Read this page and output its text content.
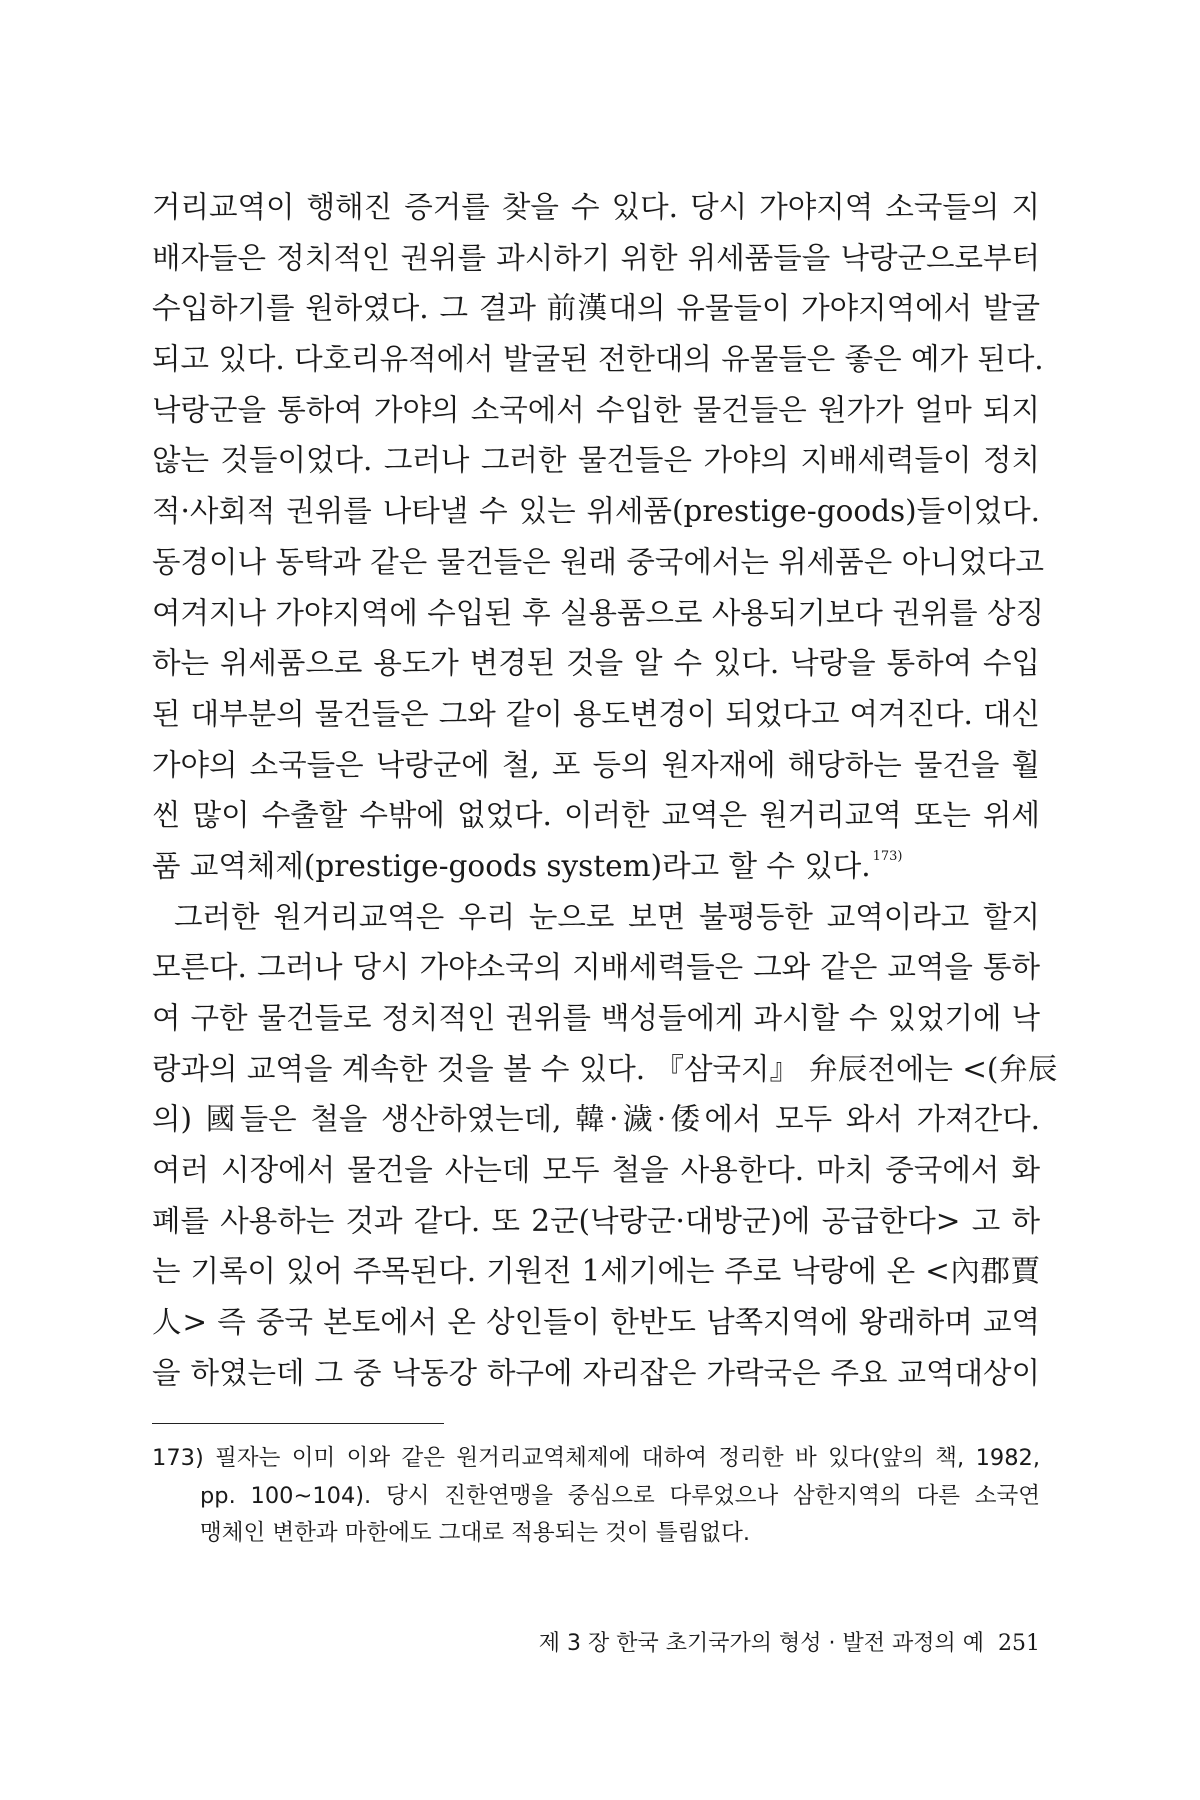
거리교역이 행해진 증거를 찾을 수 있다. 당시 가야지역 소국들의 지
배자들은 정치적인 권위를 과시하기 위한 위세품들을 낙랑군으로부터
수입하기를 원하였다. 그 결과 前漢대의 유물들이 가야지역에서 발굴
되고 있다. 다호리유적에서 발굴된 전한대의 유물들은 좋은 예가 된다.
낙랑군을 통하여 가야의 소국에서 수입한 물건들은 원가가 얼마 되지
않는 것들이었다. 그러나 그러한 물건들은 가야의 지배세력들이 정치
적·사회적 권위를 나타낼 수 있는 위세품(prestige-goods)들이었다.
동경이나 동탁과 같은 물건들은 원래 중국에서는 위세품은 아니었다고
여겨지나 가야지역에 수입된 후 실용품으로 사용되기보다 권위를 상징
하는 위세품으로 용도가 변경된 것을 알 수 있다. 낙랑을 통하여 수입
된 대부분의 물건들은 그와 같이 용도변경이 되었다고 여겨진다. 대신
가야의 소국들은 낙랑군에 철, 포 등의 원자재에 해당하는 물건을 훨
씬 많이 수출할 수밖에 없었다. 이러한 교역은 원거리교역 또는 위세
품 교역체제(prestige-goods system)라고 할 수 있다. $^{173)}$
그러한 원거리교역은 우리 눈으로 보면 불평등한 교역이라고 할지
모른다. 그러나 당시 가야소국의 지배세력들은 그와 같은 교역을 통하
여 구한 물건들로 정치적인 권위를 백성들에게 과시할 수 있었기에 낙
랑과의 교역을 계속한 것을 볼 수 있다. 『삼국지』 弁辰전에는 <(弁辰
의) 國들은 철을 생산하였는데, 韓·濊·倭에서 모두 와서 가져간다.
여러 시장에서 물건을 사는데 모두 철을 사용한다. 마치 중국에서 화
폐를 사용하는 것과 같다. 또 2군(낙랑군·대방군)에 공급한다> 고 하
는 기록이 있어 주목된다. 기원전 1세기에는 주로 낙랑에 온 <內郡賈
人> 즉 중국 본토에서 온 상인들이 한반도 남쪽지역에 왕래하며 교역
을 하였는데 그 중 낙동강 하구에 자리잡은 가락국은 주요 교역대상이
173) 필자는 이미 이와 같은 원거리교역체제에 대하여 정리한 바 있다(앞의 책, 1982,
pp. 100~104). 당시 진한연맹을 중심으로 다루었으나 삼한지역의 다른 소국연
맹체인 변한과 마한에도 그대로 적용되는 것이 틀림없다.
제 3 장 한국 초기국가의 형성 · 발전 과정의 예 251
